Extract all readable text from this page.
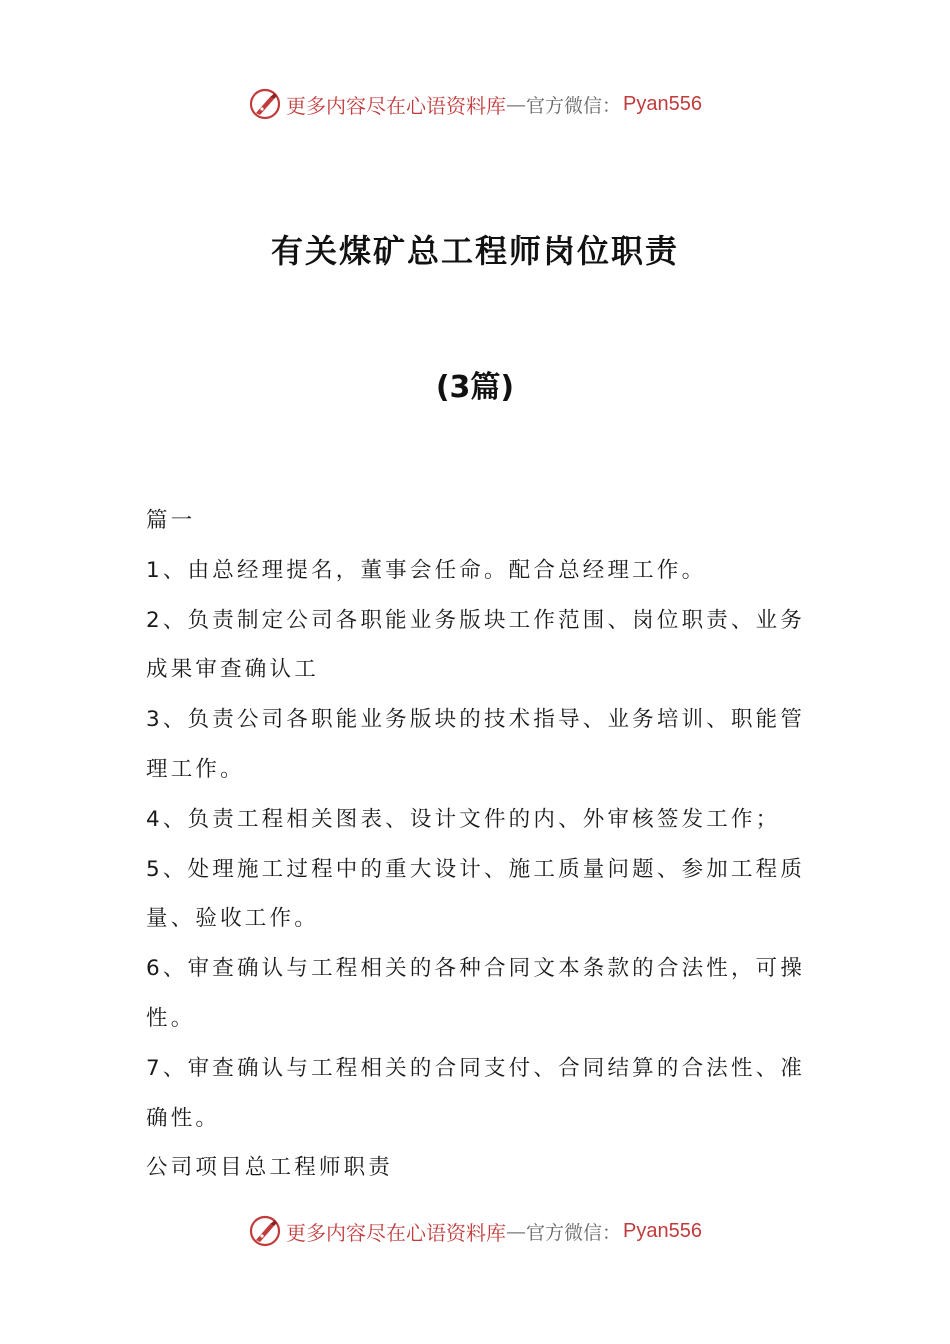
更多内容尽在心语资料库 — 官方微信： Pyan556
有关煤矿总工程师岗位职责
(3篇)

篇一

1、由总经理提名，董事会任命。配合总经理工作。

2、负责制定公司各职能业务版块工作范围、岗位职责、业务成果审查确认工

3、负责公司各职能业务版块的技术指导、业务培训、职能管理工作。

4、负责工程相关图表、设计文件的内、外审核签发工作；

5、处理施工过程中的重大设计、施工质量问题、参加工程质量、验收工作。

6、审查确认与工程相关的各种合同文本条款的合法性，可操性。

7、审查确认与工程相关的合同支付、合同结算的合法性、准确性。

公司项目总工程师职责

更多内容尽在心语资料库 — 官方微信： Pyan556
